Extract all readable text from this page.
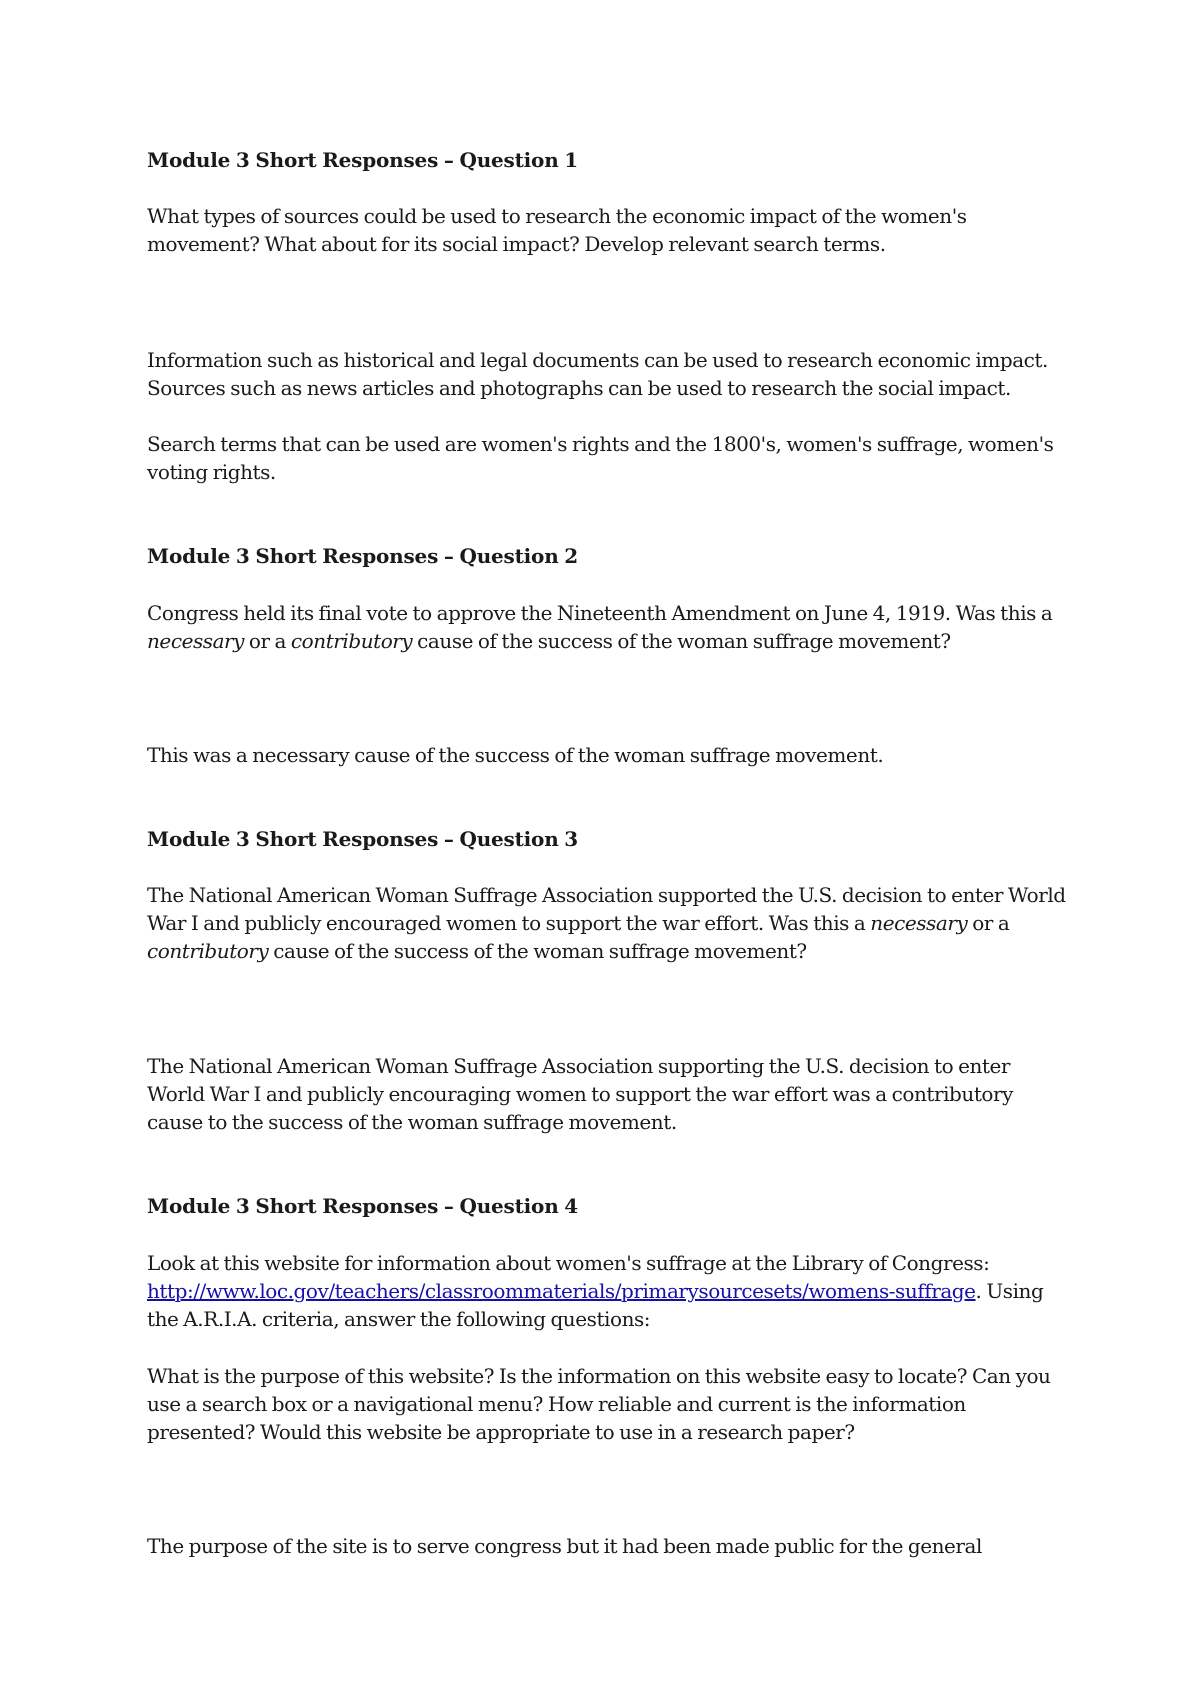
Module 3 Short Responses – Question 1

What types of sources could be used to research the economic impact of the women's movement? What about for its social impact? Develop relevant search terms.

Information such as historical and legal documents can be used to research economic impact. Sources such as news articles and photographs can be used to research the social impact.

Search terms that can be used are women's rights and the 1800's, women's suffrage, women's voting rights.

Module 3 Short Responses – Question 2

Congress held its final vote to approve the Nineteenth Amendment on June 4, 1919. Was this a necessary or a contributory cause of the success of the woman suffrage movement?

This was a necessary cause of the success of the woman suffrage movement.

Module 3 Short Responses – Question 3

The National American Woman Suffrage Association supported the U.S. decision to enter World War I and publicly encouraged women to support the war effort. Was this a necessary or a contributory cause of the success of the woman suffrage movement?

The National American Woman Suffrage Association supporting the U.S. decision to enter World War I and publicly encouraging women to support the war effort was a contributory cause to the success of the woman suffrage movement.

Module 3 Short Responses – Question 4

Look at this website for information about women's suffrage at the Library of Congress: http://www.loc.gov/teachers/classroommaterials/primarysourcesets/womens-suffrage. Using the A.R.I.A. criteria, answer the following questions:

What is the purpose of this website? Is the information on this website easy to locate? Can you use a search box or a navigational menu? How reliable and current is the information presented? Would this website be appropriate to use in a research paper?

The purpose of the site is to serve congress but it had been made public for the general
